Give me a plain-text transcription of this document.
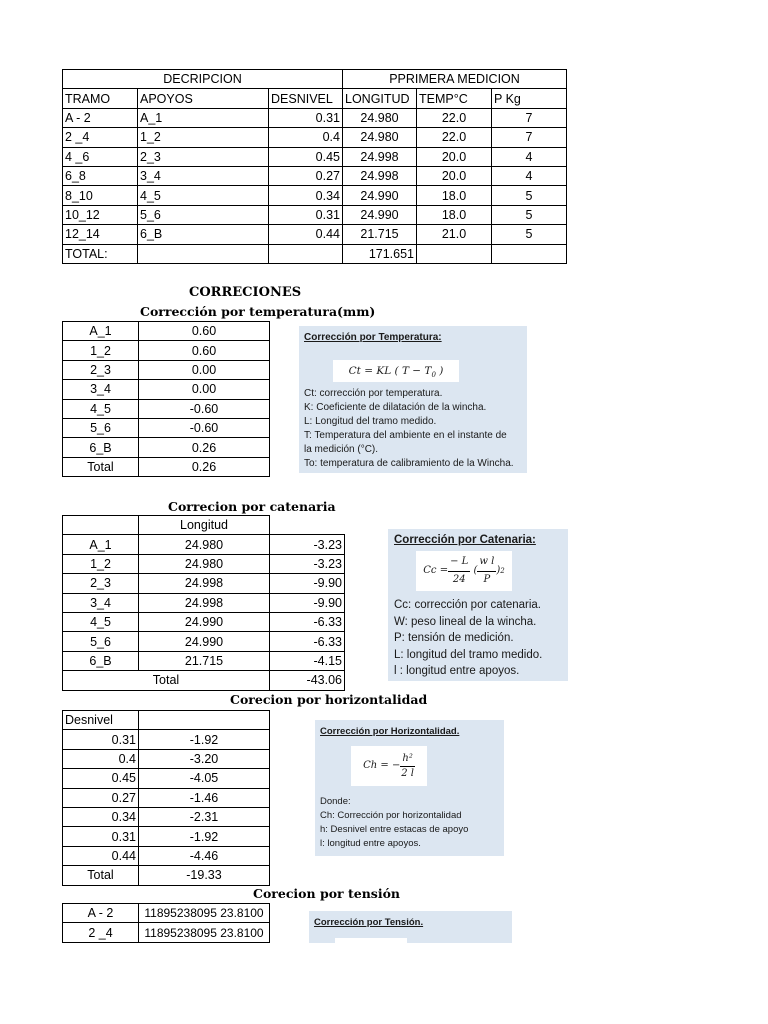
DECRIPCION			PPRIMERA MEDICION		
TRAMO	APOYOS	DESNIVEL	LONGITUD	TEMP°C	P Kg
A - 2	A_1	0.31	24.980	22.0	7
2 _4	1_2	0.4	24.980	22.0	7
4 _6	2_3	0.45	24.998	20.0	4
6_8	3_4	0.27	24.998	20.0	4
8_10	4_5	0.34	24.990	18.0	5
10_12	5_6	0.31	24.990	18.0	5
12_14	6_B	0.44	21.715	21.0	5
TOTAL:			171.651		
CORRECIONES
Corrección por temperatura(mm)
A_1	0.60
1_2	0.60
2_3	0.00
3_4	0.00
4_5	-0.60
5_6	-0.60
6_B	0.26
Total	0.26
Corrección por Temperatura:
Ct = KL ( $T - T_0$ )
Ct: corrección por temperatura.
K: Coeficiente de dilatación de la wincha.
L: Longitud del tramo medido.
T: Temperatura del ambiente en el instante de
la medición (°C).
To: temperatura de calibramiento de la Wincha.
Correcion por catenaria
	Longitud	
A_1	24.980	-3.23
1_2	24.980	-3.23
2_3	24.998	-9.90
3_4	24.998	-9.90
4_5	24.990	-6.33
5_6	24.990	-6.33
6_B	21.715	-4.15
Total		-43.06
Corrección por Catenaria:
$Cc = \frac{- L}{24}$ ( $\frac{\text{w l}}{P}$ ) 2
Cc: corrección por catenaria.
W: peso lineal de la wincha.
P: tensión de medición.
L: longitud del tramo medido.
l : longitud entre apoyos.
Corecion por horizontalidad
Desnivel	
0.31	-1.92
0.4	-3.20
0.45	-4.05
0.27	-1.46
0.34	-2.31
0.31	-1.92
0.44	-4.46
Total	-19.33
Corrección por Horizontalidad.
Ch = − $\frac{\text{h²}}{2 l}$
Donde:
Ch: Corrección por horizontalidad
h: Desnivel entre estacas de apoyo
l: longitud entre apoyos.
Corecion por tensión
A - 2	11895238095 23.8100
2 _4	11895238095 23.8100
Corrección por Tensión.
